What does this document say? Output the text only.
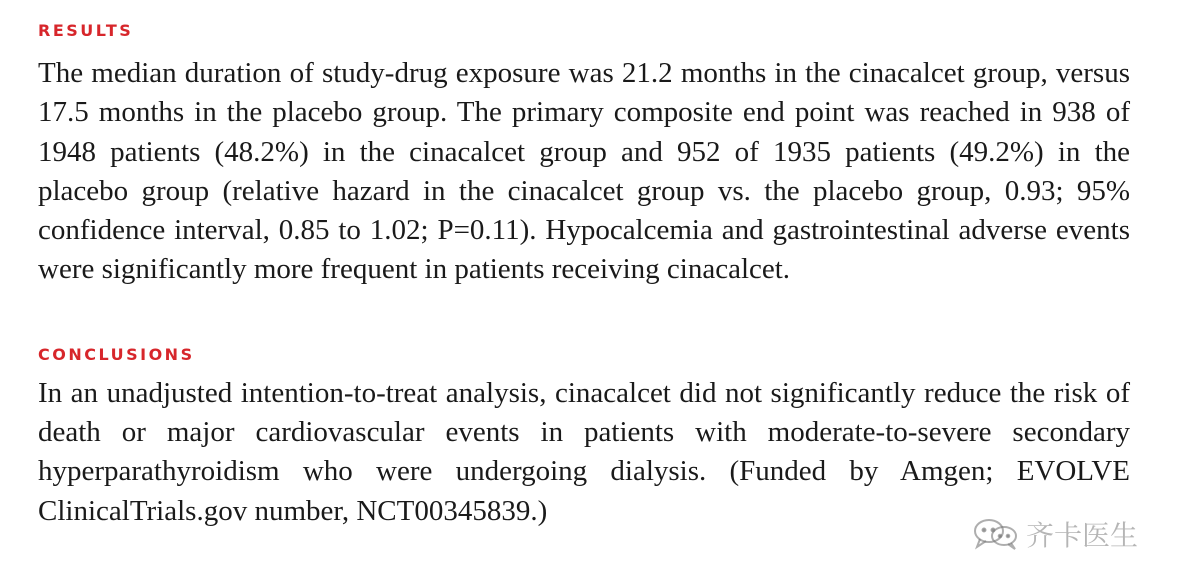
RESULTS

The median duration of study-drug exposure was 21.2 months in the cinacalcet group, versus 17.5 months in the placebo group. The primary composite end point was reached in 938 of 1948 patients (48.2%) in the cinacalcet group and 952 of 1935 patients (49.2%) in the placebo group (relative hazard in the cinacalcet group vs. the placebo group, 0.93; 95% confidence interval, 0.85 to 1.02; P=0.11). Hypocalcemia and gastrointestinal adverse events were significantly more frequent in patients receiving cinacalcet.

CONCLUSIONS

In an unadjusted intention-to-treat analysis, cinacalcet did not significantly reduce the risk of death or major cardiovascular events in patients with moderate-to-severe secondary hyperparathyroidism who were undergoing dialysis. (Funded by Amgen; EVOLVE ClinicalTrials.gov number, NCT00345839.)

齐卡医生
